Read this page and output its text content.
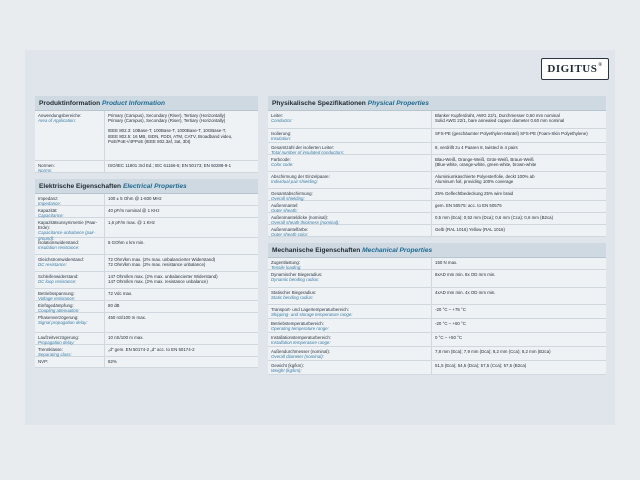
DIGITUS ®
Produktinformation Product Information
Anwendungsbereiche:
Area of Application:
Primary (Campus), Secondary (Riser), Tertiary (Horizontally)
Primary (Campus), Secondary (Riser), Tertiary (Horizontally)
IEEE 802.3: 10Base-T, 100Base-T, 1000Base-T, 10GBase-T,
IEEE 802.5: 16 MB, ISDN, FDDI, ATM, CATV, Broadband video,
PoE/PoE+/4PPoE (IEEE 802.3af, 3at, 3bt)
Normen:
Norms:
ISO/IEC 11801 3rd Ed.; IEC 61156-5; EN 50173; EN 50288-9-1
Elektrische Eigenschaften Electrical Properties
Impedanz:
Impedance:
100 ± 5 Ohm @ 1-600 MHz
Kapazität:
Capacitance:
40 pF/m nominal @ 1 KHz
Kapazitätsunsymmetrie (Paar-Erde):
Capacitance unbalance (pair-ground):
1,6 pF/m max. @ 1 KHz
Isolationswiderstand:
Insulation resistance:
5 GOhm x km min.
Gleichstromwiderstand:
DC resistance:
72 Ohm/km max. (2% max. unbalancierter Widerstand)
72 Ohm/km max. (2% max. resistance unbalance)
Schleifenwiderstand:
DC loop resistance:
147 Ohm/km max. (2% max. unbalancierter Widerstand)
147 Ohm/km max. (2% max. resistance unbalance)
Betriebsspannung:
Voltage resistance:
72 Vdc max.
Einfügedämpfung:
Coupling attenuation:
80 dB
Phasenverzögerung:
Signal propagation delay:
450 nS/100 m max.
Laufzeitverzögerung:
Propagation delay:
10 nS/100 m max.
Trennklasse:
Separating class:
„d" gem. EN 50174-2 „d" acc. to EN 50174-2
NVP:	82%
Physikalische Spezifikationen Physical Properties
Leiter:
Conductor:
Blanker Kupferdraht, AWG 22/1, Durchmesser 0,60 mm nominal
Solid AWG 22/1, bare annealed copper diameter 0.60 mm nominal
Isolierung:
Insulation:
SFS-PE (geschäumter Polyethylen-Mantel) SFS-PE (Foam-Skin Polyethylene)
Gesamtzahl der isolierten Leiter:
Total number of insulated conductors:
8, verdrillt zu 4 Paaren 8, twisted in 4 pairs
Farbcode:
Color code:
Blau-Weiß, Orange-Weiß, Grün-Weiß, Braun-Weiß
(Blue-white, orange-white, green-white, brown-white
Abschirmung der Einzelpaare:
Individual pair shielding:
Aluminiumkaschierte Polyesterfolie, deckt 100% ab
Aluminum foil, providing 100% coverage
Gesamtabschirmung:
Overall shielding:
25% Geflechtbedeckung 25% wire braid
Außenmantel:
Outer sheath:
gem. EN 50575: acc. to EN 50575
Außenmanteldicke (nominal):
Overall sheath thickness (nominal):
0,5 mm (Eca); 0,52 mm (Dca); 0,6 mm (Cca); 0,6 mm (B2ca)
Außenmantelfarbe:
Outer sheath color:
Gelb (RAL 1016) Yellow (RAL 1016)
Mechanische Eigenschaften Mechanical Properties
Zugentlastung:
Tensile loading:
150 N max.
Dynamischer Biegeradius:
Dynamic bending radius:
8xAD mm min. 8x OD mm min.
Statischer Biegeradius:
Static bending radius:
4xAD mm min. 4x OD mm min.
Transport- und Lagertemperaturbereich:
Shipping- and storage temperature range:
-20 °C – +75 °C
Betriebstemperaturbereich:
Operating temperature range:
-20 °C – +60 °C
Installationstemperaturbereich:
Installation temperature range:
0 °C – +50 °C
Außendurchmesser (nominal):
Overall diameter (nominal):
7,8 mm (Eca); 7,9 mm (Dca); 8,2 mm (Cca); 8,2 mm (B2ca)
Gewicht (kg/km):
Weight (kg/km):
51,5 (Eca); 54,5 (Dca); 57,5 (Cca); 57,5 (B2ca)
